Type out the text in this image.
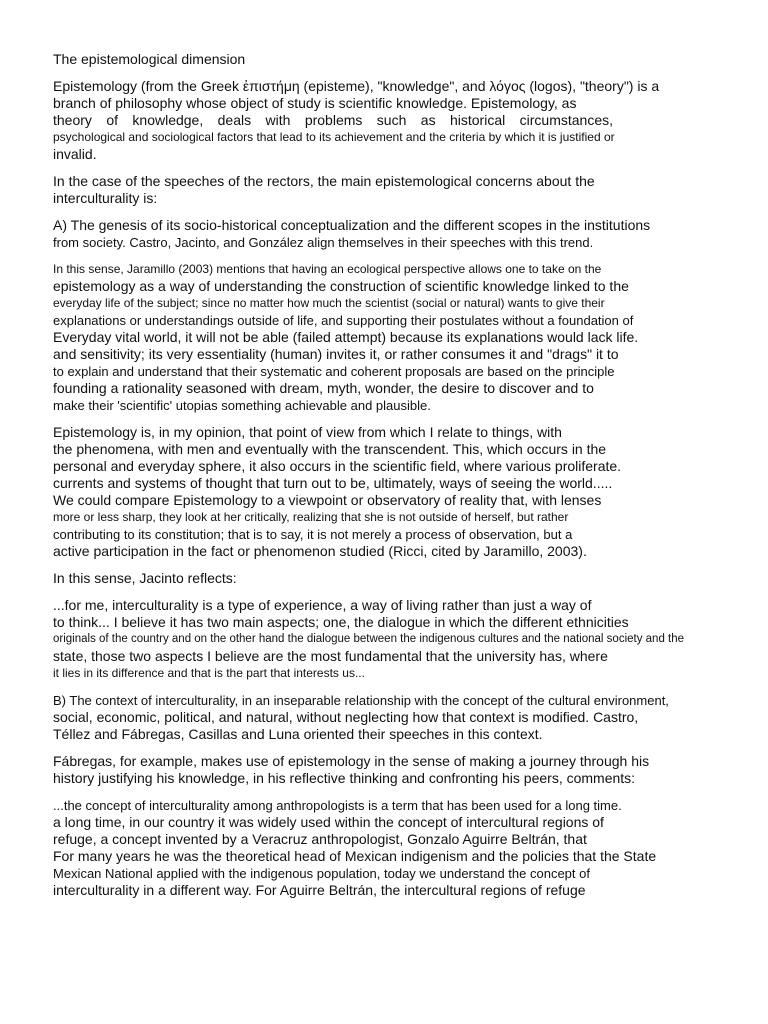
The epistemological dimension
Epistemology (from the Greek ἐπιστήμη (episteme), "knowledge", and λόγος (logos), "theory") is a
branch of philosophy whose object of study is scientific knowledge. Epistemology, as
theory of knowledge, deals with problems such as historical circumstances,
psychological and sociological factors that lead to its achievement and the criteria by which it is justified or
invalid.
In the case of the speeches of the rectors, the main epistemological concerns about the
interculturality is:
A) The genesis of its socio-historical conceptualization and the different scopes in the institutions
from society. Castro, Jacinto, and González align themselves in their speeches with this trend.
In this sense, Jaramillo (2003) mentions that having an ecological perspective allows one to take on the
epistemology as a way of understanding the construction of scientific knowledge linked to the
everyday life of the subject; since no matter how much the scientist (social or natural) wants to give their
explanations or understandings outside of life, and supporting their postulates without a foundation of
Everyday vital world, it will not be able (failed attempt) because its explanations would lack life.
and sensitivity; its very essentiality (human) invites it, or rather consumes it and "drags" it to
to explain and understand that their systematic and coherent proposals are based on the principle
founding a rationality seasoned with dream, myth, wonder, the desire to discover and to
make their 'scientific' utopias something achievable and plausible.
Epistemology is, in my opinion, that point of view from which I relate to things, with
the phenomena, with men and eventually with the transcendent. This, which occurs in the
personal and everyday sphere, it also occurs in the scientific field, where various proliferate.
currents and systems of thought that turn out to be, ultimately, ways of seeing the world.....
We could compare Epistemology to a viewpoint or observatory of reality that, with lenses
more or less sharp, they look at her critically, realizing that she is not outside of herself, but rather
contributing to its constitution; that is to say, it is not merely a process of observation, but a
active participation in the fact or phenomenon studied (Ricci, cited by Jaramillo, 2003).
In this sense, Jacinto reflects:
...for me, interculturality is a type of experience, a way of living rather than just a way of
to think... I believe it has two main aspects; one, the dialogue in which the different ethnicities
originals of the country and on the other hand the dialogue between the indigenous cultures and the national society and the
state, those two aspects I believe are the most fundamental that the university has, where
it lies in its difference and that is the part that interests us...
B) The context of interculturality, in an inseparable relationship with the concept of the cultural environment,
social, economic, political, and natural, without neglecting how that context is modified. Castro,
Téllez and Fábregas, Casillas and Luna oriented their speeches in this context.
Fábregas, for example, makes use of epistemology in the sense of making a journey through his
history justifying his knowledge, in his reflective thinking and confronting his peers, comments:
...the concept of interculturality among anthropologists is a term that has been used for a long time.
a long time, in our country it was widely used within the concept of intercultural regions of
refuge, a concept invented by a Veracruz anthropologist, Gonzalo Aguirre Beltrán, that
For many years he was the theoretical head of Mexican indigenism and the policies that the State
Mexican National applied with the indigenous population, today we understand the concept of
interculturality in a different way. For Aguirre Beltrán, the intercultural regions of refuge
